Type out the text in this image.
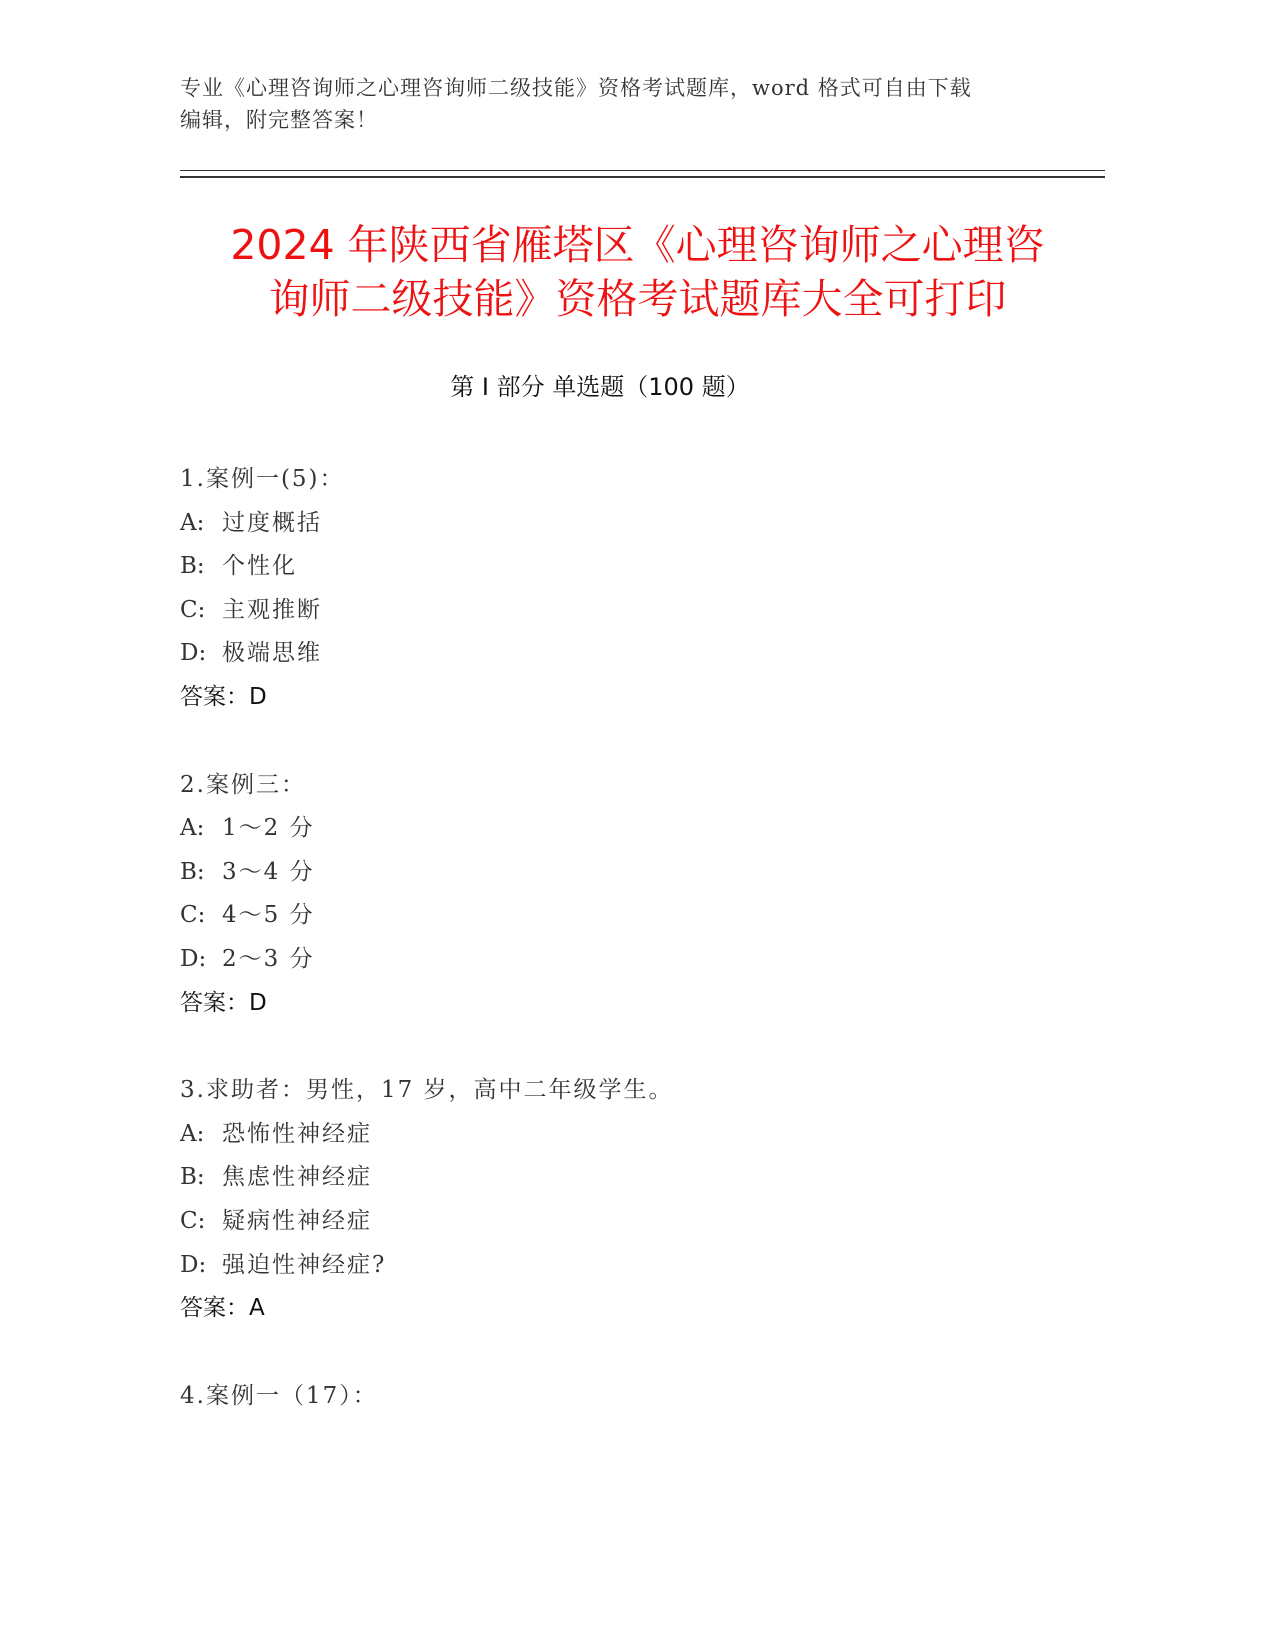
专业《心理咨询师之心理咨询师二级技能》资格考试题库，word 格式可自由下载
编辑，附完整答案！
2024 年陕西省雁塔区《心理咨询师之心理咨
询师二级技能》资格考试题库大全可打印
第 I 部分 单选题（100 题）
1.案例一(5)：
A: 过度概括
B: 个性化
C: 主观推断
D: 极端思维
答案：D
2.案例三：
A: 1～2 分
B: 3～4 分
C: 4～5 分
D: 2～3 分
答案：D
3.求助者：男性，17 岁，高中二年级学生。
A: 恐怖性神经症
B: 焦虑性神经症
C: 疑病性神经症
D: 强迫性神经症?
答案：A
4.案例一（17）：
